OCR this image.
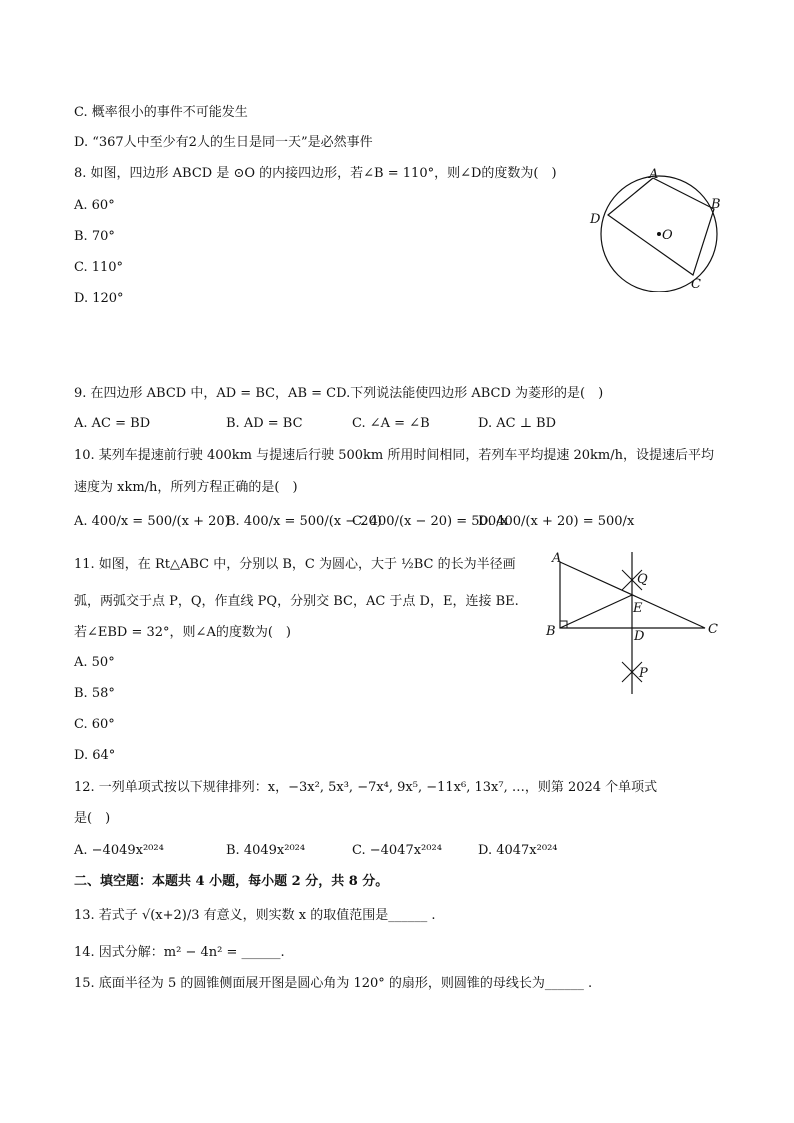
C. 概率很小的事件不可能发生
D. “367人中至少有2人的生日是同一天”是必然事件
8. 如图，四边形 ABCD 是 ⊙O 的内接四边形，若∠B = 110°，则∠D的度数为(　)
A. 60°
B. 70°
C. 110°
D. 120°
A
B
C
D
O
9. 在四边形 ABCD 中，AD = BC，AB = CD.下列说法能使四边形 ABCD 为菱形的是(　)
A. AC = BD	B. AD = BC	C. ∠A = ∠B	D. AC ⊥ BD
10. 某列车提速前行驶 400km 与提速后行驶 500km 所用时间相同，若列车平均提速 20km/h，设提速后平均
速度为 xkm/h，所列方程正确的是(　)
A. 400/x = 500/(x + 20)
B. 400/x = 500/(x − 20)
C. 400/(x − 20) = 500/x
D. 400/(x + 20) = 500/x
11. 如图，在 Rt△ABC 中，分别以 B，C 为圆心，大于 ½BC 的长为半径画
弧，两弧交于点 P，Q，作直线 PQ，分别交 BC，AC 于点 D，E，连接 BE.
若∠EBD = 32°，则∠A的度数为(　)
A. 50°
B. 58°
C. 60°
D. 64°
A
B	C
D
E
P
Q
12. 一列单项式按以下规律排列：x，−3x², 5x³, −7x⁴, 9x⁵, −11x⁶, 13x⁷, …，则第 2024 个单项式
是(　)
A. −4049x²⁰²⁴	B. 4049x²⁰²⁴	C. −4047x²⁰²⁴	D. 4047x²⁰²⁴
二、填空题：本题共 4 小题，每小题 2 分，共 8 分。
13. 若式子 √(x+2)/3 有意义，则实数 x 的取值范围是______ .
14. 因式分解：m² − 4n² = ______.
15. 底面半径为 5 的圆锥侧面展开图是圆心角为 120° 的扇形，则圆锥的母线长为______ .
